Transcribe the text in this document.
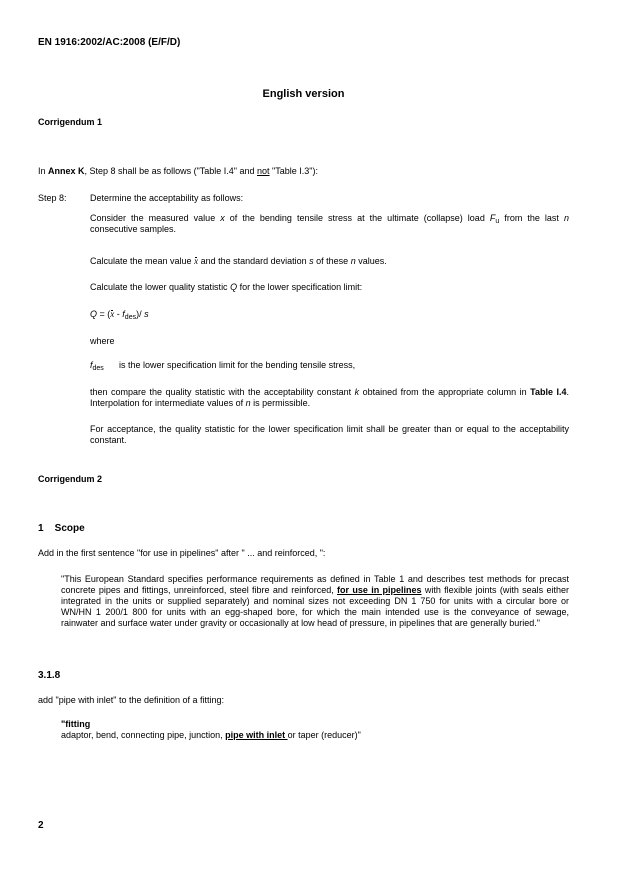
EN 1916:2002/AC:2008 (E/F/D)
English version
Corrigendum 1
In Annex K, Step 8 shall be as follows ("Table I.4" and not "Table I.3"):
Step 8:	Determine the acceptability as follows:
Consider the measured value x of the bending tensile stress at the ultimate (collapse) load $F_u$ from the last n consecutive samples.
Calculate the mean value x and the standard deviation s of these n values.
Calculate the lower quality statistic Q for the lower specification limit:
$Q = (x - f_{des})/$ s
where
$f_{des}$ is the lower specification limit for the bending tensile stress,
then compare the quality statistic with the acceptability constant k obtained from the appropriate column in Table I.4. Interpolation for intermediate values of n is permissible.
For acceptance, the quality statistic for the lower specification limit shall be greater than or equal to the acceptability constant.
Corrigendum 2
1    Scope
Add in the first sentence "for use in pipelines" after " ... and reinforced, ":
"This European Standard specifies performance requirements as defined in Table 1 and describes test methods for precast concrete pipes and fittings, unreinforced, steel fibre and reinforced, for use in pipelines with flexible joints (with seals either integrated in the units or supplied separately) and nominal sizes not exceeding DN 1 750 for units with a circular bore or WN/HN 1 200/1 800 for units with an egg-shaped bore, for which the main intended use is the conveyance of sewage, rainwater and surface water under gravity or occasionally at low head of pressure, in pipelines that are generally buried."
3.1.8
add "pipe with inlet" to the definition of a fitting:
"fitting
adaptor, bend, connecting pipe, junction, pipe with inlet or taper (reducer)"
2
